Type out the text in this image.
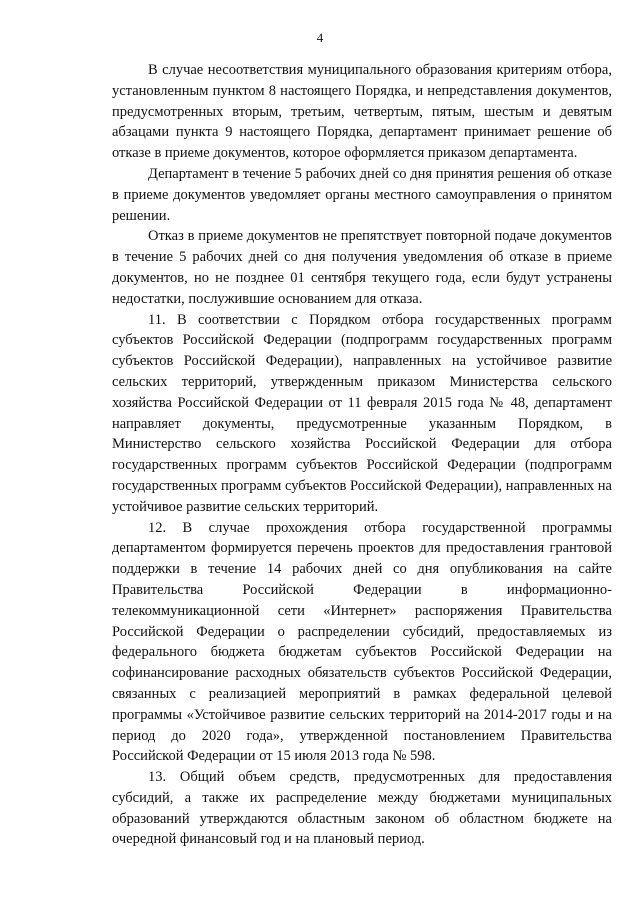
4

В случае несоответствия муниципального образования критериям отбора, установленным пунктом 8 настоящего Порядка, и непредставления документов, предусмотренных вторым, третьим, четвертым, пятым, шестым и девятым абзацами пункта 9 настоящего Порядка, департамент принимает решение об отказе в приеме документов, которое оформляется приказом департамента.

Департамент в течение 5 рабочих дней со дня принятия решения об отказе в приеме документов уведомляет органы местного самоуправления о принятом решении.

Отказ в приеме документов не препятствует повторной подаче документов в течение 5 рабочих дней со дня получения уведомления об отказе в приеме документов, но не позднее 01 сентября текущего года, если будут устранены недостатки, послужившие основанием для отказа.

11. В соответствии с Порядком отбора государственных программ субъектов Российской Федерации (подпрограмм государственных программ субъектов Российской Федерации), направленных на устойчивое развитие сельских территорий, утвержденным приказом Министерства сельского хозяйства Российской Федерации от 11 февраля 2015 года № 48, департамент направляет документы, предусмотренные указанным Порядком, в Министерство сельского хозяйства Российской Федерации для отбора государственных программ субъектов Российской Федерации (подпрограмм государственных программ субъектов Российской Федерации), направленных на устойчивое развитие сельских территорий.

12. В случае прохождения отбора государственной программы департаментом формируется перечень проектов для предоставления грантовой поддержки в течение 14 рабочих дней со дня опубликования на сайте Правительства Российской Федерации в информационно-телекоммуникационной сети «Интернет» распоряжения Правительства Российской Федерации о распределении субсидий, предоставляемых из федерального бюджета бюджетам субъектов Российской Федерации на софинансирование расходных обязательств субъектов Российской Федерации, связанных с реализацией мероприятий в рамках федеральной целевой программы «Устойчивое развитие сельских территорий на 2014-2017 годы и на период до 2020 года», утвержденной постановлением Правительства Российской Федерации от 15 июля 2013 года № 598.

13. Общий объем средств, предусмотренных для предоставления субсидий, а также их распределение между бюджетами муниципальных образований утверждаются областным законом об областном бюджете на очередной финансовый год и на плановый период.
